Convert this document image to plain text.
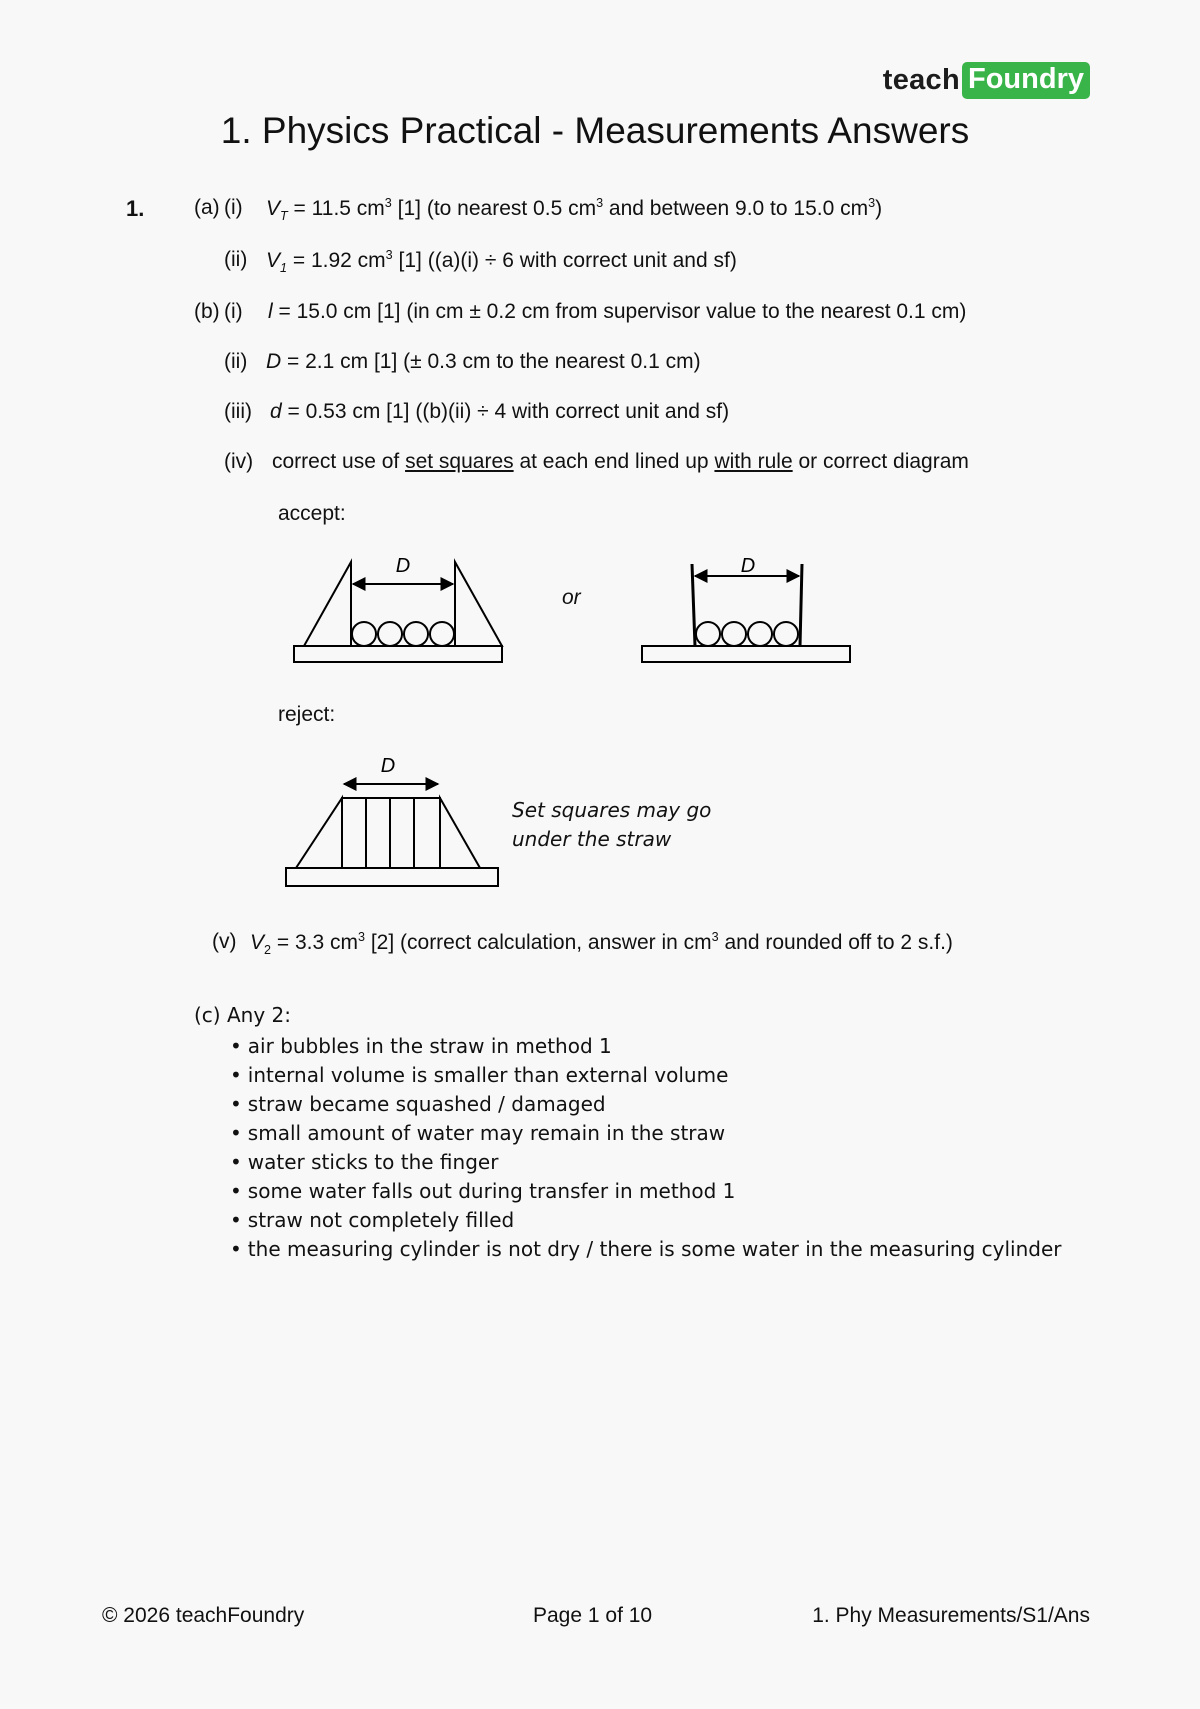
teach Foundry
1. Physics Practical - Measurements Answers
1. (a) (i) $V_T = 11.5$ $cm^3$ [1] (to nearest 0.5 $cm^3$ and between 9.0 to 15.0 $cm^3$)
(ii) $V_1 = 1.92$ $cm^3$ [1] ((a)(i) ÷ 6 with correct unit and sf)
(b) (i) l = 15.0 cm [1] (in cm ± 0.2 cm from supervisor value to the nearest 0.1 cm)
(ii) D = 2.1 cm [1] (± 0.3 cm to the nearest 0.1 cm)
(iii) d = 0.53 cm [1] ((b)(ii) ÷ 4 with correct unit and sf)
(iv) correct use of set squares at each end lined up with rule or correct diagram
accept:
D
or
D
reject:
D
Set squares may go
under the straw
(v) $V_2 = 3.3$ $cm^3$ [2] (correct calculation, answer in $cm^3$ and rounded off to 2 s.f.)
(c) Any 2:
• air bubbles in the straw in method 1
• internal volume is smaller than external volume
• straw became squashed / damaged
• small amount of water may remain in the straw
• water sticks to the finger
• some water falls out during transfer in method 1
• straw not completely filled
• the measuring cylinder is not dry / there is some water in the measuring cylinder
© 2026 teachFoundry	Page 1 of 10	1. Phy Measurements/S1/Ans
